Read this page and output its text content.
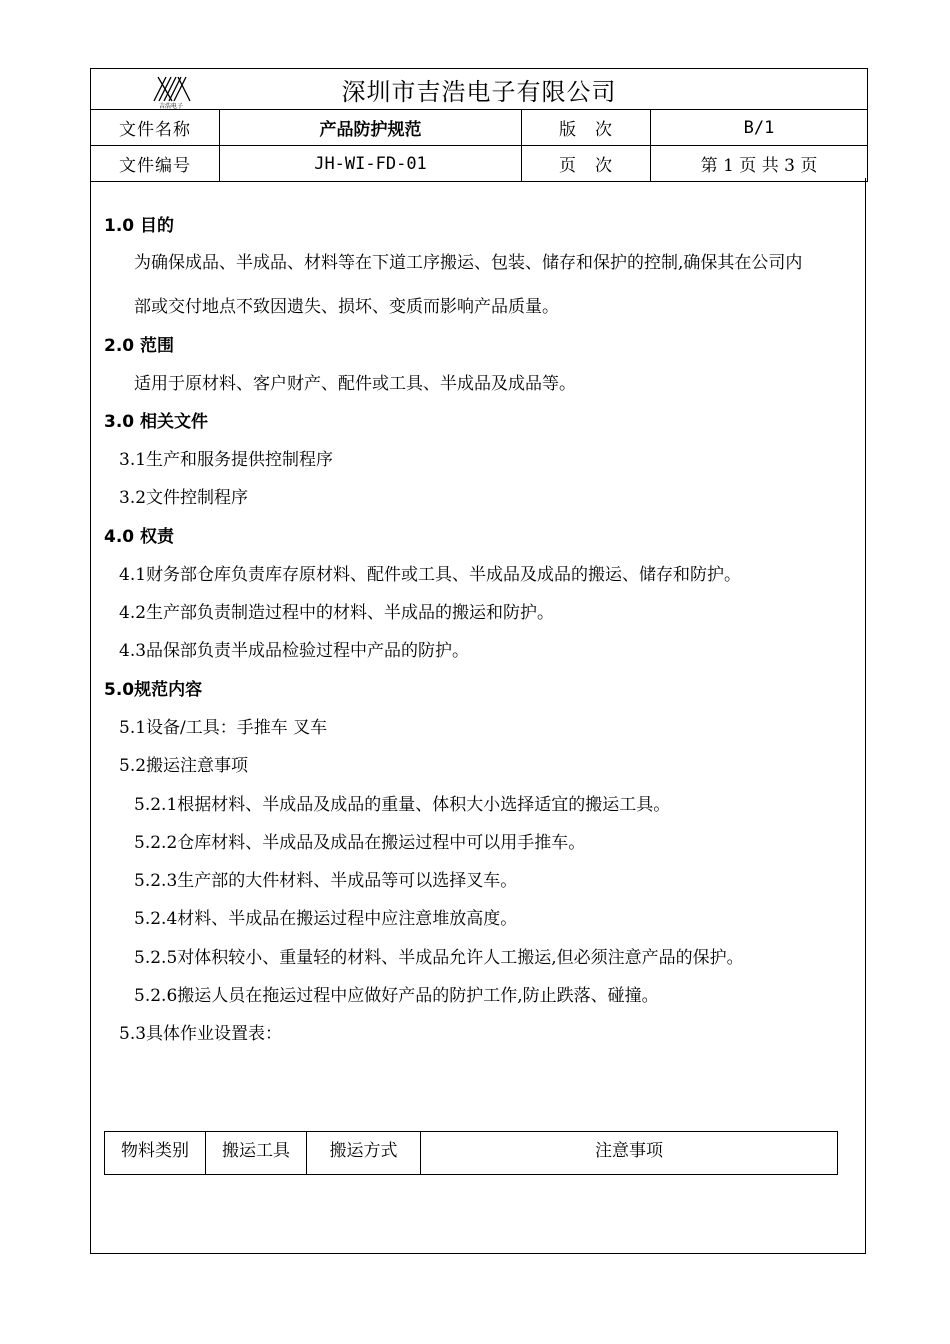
吉浩电子
深圳市吉浩电子有限公司			
文件名称	产品防护规范	版　次	B/1
文件编号	JH-WI-FD-01	页　次	第 1 页 共 3 页
1.0 目的
为确保成品、半成品、材料等在下道工序搬运、包装、储存和保护的控制,确保其在公司内
部或交付地点不致因遗失、损坏、变质而影响产品质量。
2.0 范围
适用于原材料、客户财产、配件或工具、半成品及成品等。
3.0 相关文件
3.1生产和服务提供控制程序
3.2文件控制程序
4.0 权责
4.1财务部仓库负责库存原材料、配件或工具、半成品及成品的搬运、储存和防护。
4.2生产部负责制造过程中的材料、半成品的搬运和防护。
4.3品保部负责半成品检验过程中产品的防护。
5.0规范内容
5.1设备/工具：手推车 叉车
5.2搬运注意事项
5.2.1根据材料、半成品及成品的重量、体积大小选择适宜的搬运工具。
5.2.2仓库材料、半成品及成品在搬运过程中可以用手推车。
5.2.3生产部的大件材料、半成品等可以选择叉车。
5.2.4材料、半成品在搬运过程中应注意堆放高度。
5.2.5对体积较小、重量轻的材料、半成品允许人工搬运,但必须注意产品的保护。
5.2.6搬运人员在拖运过程中应做好产品的防护工作,防止跌落、碰撞。
5.3具体作业设置表：
物料类别	搬运工具	搬运方式	注意事项
